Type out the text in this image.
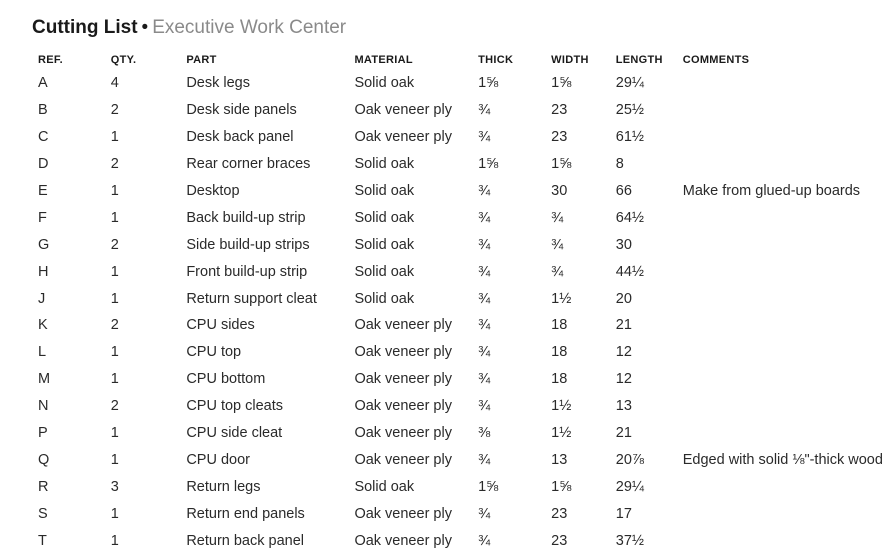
Cutting List • Executive Work Center
REF.	QTY.	PART	MATERIAL	THICK	WIDTH	LENGTH	COMMENTS
A	4	Desk legs	Solid oak	1⅝	1⅝	29¼	
B	2	Desk side panels	Oak veneer ply	¾	23	25½	
C	1	Desk back panel	Oak veneer ply	¾	23	61½	
D	2	Rear corner braces	Solid oak	1⅝	1⅝	8	
E	1	Desktop	Solid oak	¾	30	66	Make from glued-up boards
F	1	Back build-up strip	Solid oak	¾	¾	64½	
G	2	Side build-up strips	Solid oak	¾	¾	30	
H	1	Front build-up strip	Solid oak	¾	¾	44½	
J	1	Return support cleat	Solid oak	¾	1½	20	
K	2	CPU sides	Oak veneer ply	¾	18	21	
L	1	CPU top	Oak veneer ply	¾	18	12	
M	1	CPU bottom	Oak veneer ply	¾	18	12	
N	2	CPU top cleats	Oak veneer ply	¾	1½	13	
P	1	CPU side cleat	Oak veneer ply	⅜	1½	21	
Q	1	CPU door	Oak veneer ply	¾	13	20⅞	Edged with solid ⅛"-thick wood
R	3	Return legs	Solid oak	1⅝	1⅝	29¼	
S	1	Return end panels	Oak veneer ply	¾	23	17	
T	1	Return back panel	Oak veneer ply	¾	23	37½	
